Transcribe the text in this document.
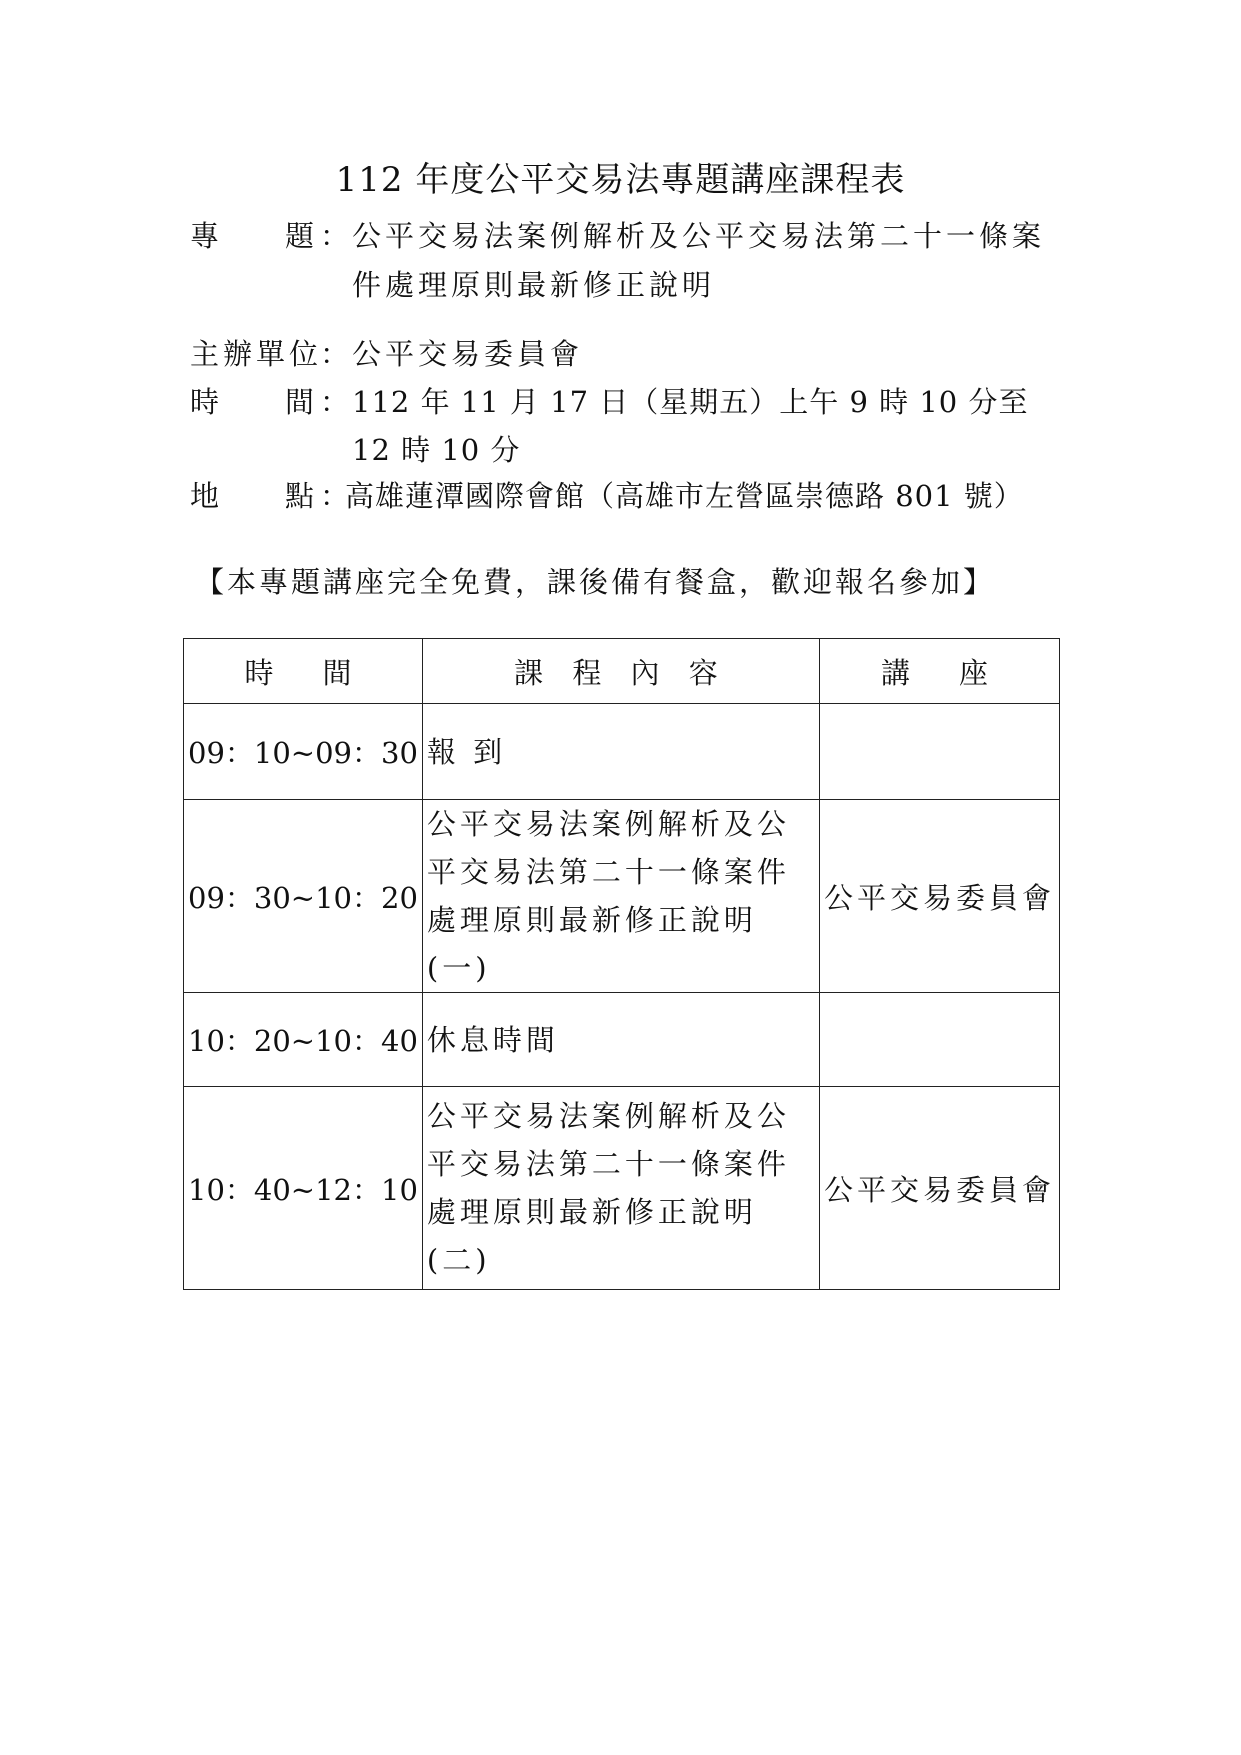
112 年度公平交易法專題講座課程表
專 題 ：
公平交易法案例解析及公平交易法第二十一條案
件處理原則最新修正說明
主辦單位
：
公平交易委員會
時 間 ：
112 年 11 月 17 日（星期五）上午 9 時 10 分至
12 時 10 分
地 點 ：
高雄蓮潭國際會館（高雄市左營區崇德路 801 號）
【本專題講座完全免費，課後備有餐盒，歡迎報名參加】
時　間	課 程 內 容	講　座
09：10~09：30	報 到	
09：30~10：20	公平交易法案例解析及公平交易法第二十一條案件處理原則最新修正說明(一)	公平交易委員會
10：20~10：40	休息時間	
10：40~12：10	公平交易法案例解析及公平交易法第二十一條案件處理原則最新修正說明(二)	公平交易委員會
